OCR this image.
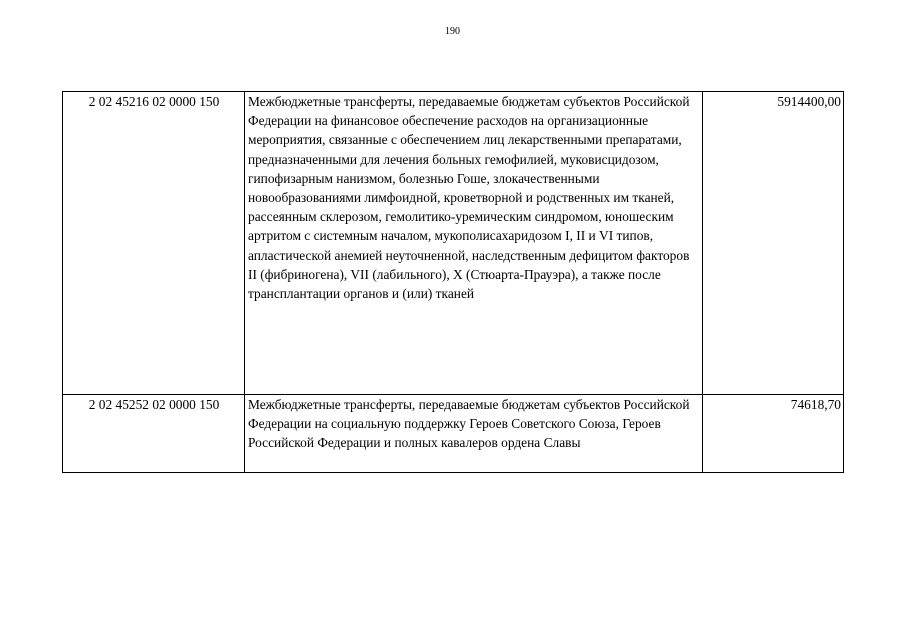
190
2 02 45216 02 0000 150	Межбюджетные трансферты, передаваемые бюджетам субъектов Российской Федерации на финансовое обеспечение расходов на организационные мероприятия, связанные с обеспечением лиц лекарственными препаратами, предназначенными для лечения больных гемофилией, муковисцидозом, гипофизарным нанизмом, болезнью Гоше, злокачественными новообразованиями лимфоидной, кроветворной и родственных им тканей, рассеянным склерозом, гемолитико-уремическим синдромом, юношеским артритом с системным началом, мукополисахаридозом I, II и VI типов, апластической анемией неуточненной, наследственным дефицитом факторов II (фибриногена), VII (лабильного), X (Стюарта-Прауэра), а также после трансплантации органов и (или) тканей	5914400,00
2 02 45252 02 0000 150	Межбюджетные трансферты, передаваемые бюджетам субъектов Российской Федерации на социальную поддержку Героев Советского Союза, Героев Российской Федерации и полных кавалеров ордена Славы	74618,70
